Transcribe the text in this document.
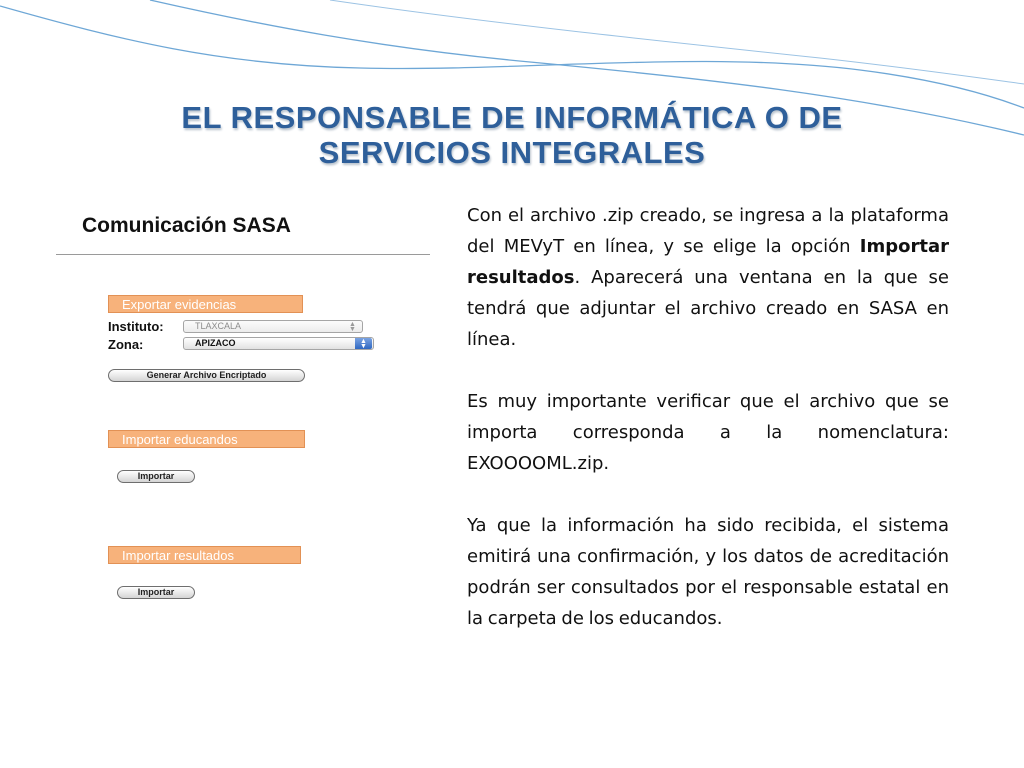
EL RESPONSABLE DE INFORMÁTICA O DE
SERVICIOS INTEGRALES
Comunicación SASA
Exportar evidencias
Instituto:	TLAXCALA	▲
▼
Zona:	APIZACO	▲
▼
Generar Archivo Encriptado
Importar educandos
Importar
Importar resultados
Importar

Con el archivo .zip creado, se ingresa a la plataforma del MEVyT en línea, y se elige la opción Importar resultados. Aparecerá una ventana en la que se tendrá que adjuntar el archivo creado en SASA en línea.

Es muy importante verificar que el archivo que se importa corresponda a la nomenclatura: EXOOOOML.zip.

Ya que la información ha sido recibida, el sistema emitirá una confirmación, y los datos de acreditación podrán ser consultados por el responsable estatal en la carpeta de los educandos.
